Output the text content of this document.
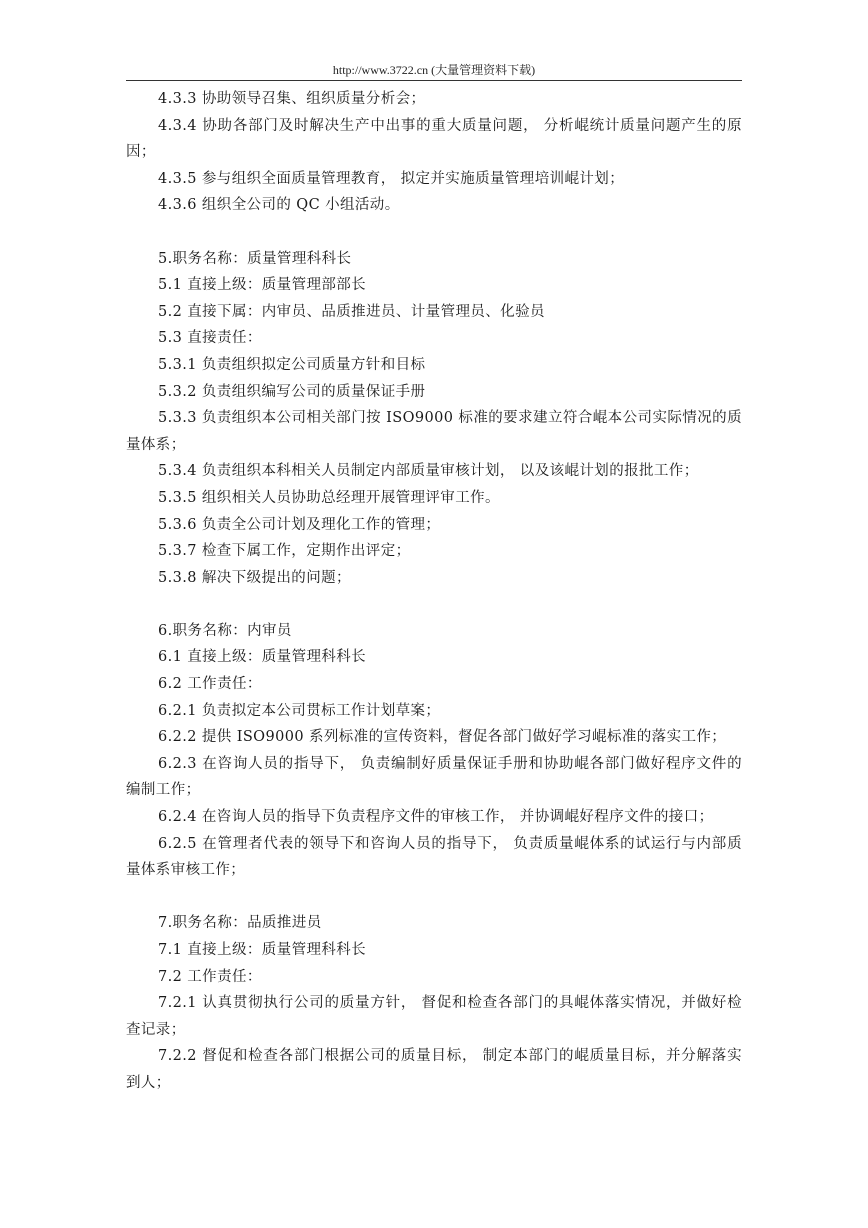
http://www.3722.cn (大量管理资料下载)

4.3.3 协助领导召集、组织质量分析会；

4.3.4 协助各部门及时解决生产中出事的重大质量问题， 分析崐统计质量问题产生的原因；

4.3.5 参与组织全面质量管理教育， 拟定并实施质量管理培训崐计划；

4.3.6 组织全公司的 QC 小组活动。

5.职务名称：质量管理科科长

5.1 直接上级：质量管理部部长

5.2 直接下属：内审员、品质推进员、计量管理员、化验员

5.3 直接责任：

5.3.1 负责组织拟定公司质量方针和目标

5.3.2 负责组织编写公司的质量保证手册

5.3.3 负责组织本公司相关部门按 ISO9000 标准的要求建立符合崐本公司实际情况的质量体系；

5.3.4 负责组织本科相关人员制定内部质量审核计划， 以及该崐计划的报批工作；

5.3.5 组织相关人员协助总经理开展管理评审工作。

5.3.6 负责全公司计划及理化工作的管理；

5.3.7 检查下属工作，定期作出评定；

5.3.8 解决下级提出的问题；

6.职务名称：内审员

6.1 直接上级：质量管理科科长

6.2 工作责任：

6.2.1 负责拟定本公司贯标工作计划草案；

6.2.2 提供 ISO9000 系列标准的宣传资料，督促各部门做好学习崐标准的落实工作；

6.2.3 在咨询人员的指导下， 负责编制好质量保证手册和协助崐各部门做好程序文件的编制工作；

6.2.4 在咨询人员的指导下负责程序文件的审核工作， 并协调崐好程序文件的接口；

6.2.5 在管理者代表的领导下和咨询人员的指导下， 负责质量崐体系的试运行与内部质量体系审核工作；

7.职务名称：品质推进员

7.1 直接上级：质量管理科科长

7.2 工作责任：

7.2.1 认真贯彻执行公司的质量方针， 督促和检查各部门的具崐体落实情况，并做好检查记录；

7.2.2 督促和检查各部门根据公司的质量目标， 制定本部门的崐质量目标，并分解落实到人；
